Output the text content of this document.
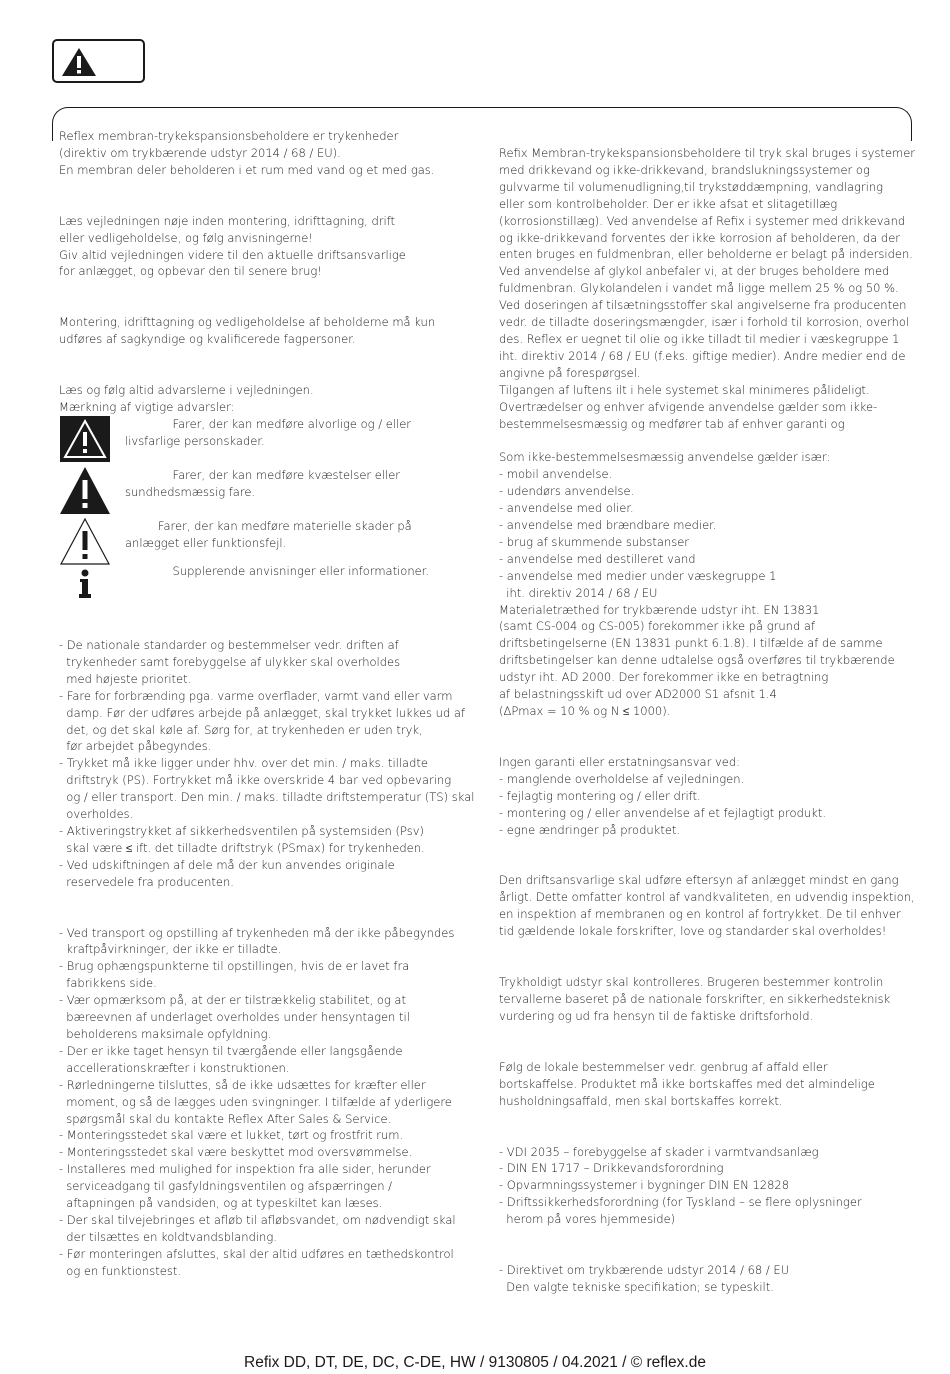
Reflex membran-trykekspansionsbeholdere er trykenheder

(direktiv om trykbærende udstyr 2014 / 68 / EU).

En membran deler beholderen i et rum med vand og et med gas.

Læs vejledningen nøje inden montering, idrifttagning, drift

eller vedligeholdelse, og følg anvisningerne!

Giv altid vejledningen videre til den aktuelle driftsansvarlige

for anlægget, og opbevar den til senere brug!

Montering, idrifttagning og vedligeholdelse af beholderne må kun

udføres af sagkyndige og kvalificerede fagpersoner.

Læs og følg altid advarslerne i vejledningen.

Mærkning af vigtige advarsler:

Farer, der kan medføre alvorlige og / eller

livsfarlige personskader.

Farer, der kan medføre kvæstelser eller

sundhedsmæssig fare.

Farer, der kan medføre materielle skader på

anlægget eller funktionsfejl.

Supplerende anvisninger eller informationer.

- De nationale standarder og bestemmelser vedr. driften af

trykenheder samt forebyggelse af ulykker skal overholdes

med højeste prioritet.

- Fare for forbrænding pga. varme overflader, varmt vand eller varm

damp. Før der udføres arbejde på anlægget, skal trykket lukkes ud af

det, og det skal køle af. Sørg for, at trykenheden er uden tryk,

før arbejdet påbegyndes.

- Trykket må ikke ligger under hhv. over det min. / maks. tilladte

driftstryk (PS). Fortrykket må ikke overskride 4 bar ved opbevaring

og / eller transport. Den min. / maks. tilladte driftstemperatur (TS) skal

overholdes.

- Aktiveringstrykket af sikkerhedsventilen på systemsiden (Psv)

skal være ≤ ift. det tilladte driftstryk (PSmax) for trykenheden.

- Ved udskiftningen af dele må der kun anvendes originale

reservedele fra producenten.

- Ved transport og opstilling af trykenheden må der ikke påbegyndes

kraftpåvirkninger, der ikke er tilladte.

- Brug ophængspunkterne til opstillingen, hvis de er lavet fra

fabrikkens side.

- Vær opmærksom på, at der er tilstrækkelig stabilitet, og at

bæreevnen af underlaget overholdes under hensyntagen til

beholderens maksimale opfyldning.

- Der er ikke taget hensyn til tværgående eller langsgående

accellerationskræfter i konstruktionen.

- Rørledningerne tilsluttes, så de ikke udsættes for kræfter eller

moment, og så de lægges uden svingninger. I tilfælde af yderligere

spørgsmål skal du kontakte Reflex After Sales & Service.

- Monteringsstedet skal være et lukket, tørt og frostfrit rum.

- Monteringsstedet skal være beskyttet mod oversvømmelse.

- Installeres med mulighed for inspektion fra alle sider, herunder

serviceadgang til gasfyldningsventilen og afspærringen /

aftapningen på vandsiden, og at typeskiltet kan læses.

- Der skal tilvejebringes et afløb til afløbsvandet, om nødvendigt skal

der tilsættes en koldtvandsblanding.

- Før monteringen afsluttes, skal der altid udføres en tæthedskontrol

og en funktionstest.

Refix Membran-trykekspansionsbeholdere til tryk skal bruges i systemer

med drikkevand og ikke-drikkevand, brandslukningssystemer og

gulvvarme til volumenudligning,til trykstøddæmpning, vandlagring

eller som kontrolbeholder. Der er ikke afsat et slitagetillæg

(korrosionstillæg). Ved anvendelse af Refix i systemer med drikkevand

og ikke-drikkevand forventes der ikke korrosion af beholderen, da der

enten bruges en fuldmenbran, eller beholderne er belagt på indersiden.

Ved anvendelse af glykol anbefaler vi, at der bruges beholdere med

fuldmenbran. Glykolandelen i vandet må ligge mellem 25 % og 50 %.

Ved doseringen af tilsætningsstoffer skal angivelserne fra producenten

vedr. de tilladte doseringsmængder, især i forhold til korrosion, overhol

des. Reflex er uegnet til olie og ikke tilladt til medier i væskegruppe 1

iht. direktiv 2014 / 68 / EU (f.eks. giftige medier). Andre medier end de

angivne på forespørgsel.

Tilgangen af luftens ilt i hele systemet skal minimeres pålideligt.

Overtrædelser og enhver afvigende anvendelse gælder som ikke-

bestemmelsesmæssig og medfører tab af enhver garanti og

Som ikke-bestemmelsesmæssig anvendelse gælder især:

- mobil anvendelse.

- udendørs anvendelse.

- anvendelse med olier.

- anvendelse med brændbare medier.

- brug af skummende substanser

- anvendelse med destilleret vand

- anvendelse med medier under væskegruppe 1

iht. direktiv 2014 / 68 / EU

Materialetræthed for trykbærende udstyr iht. EN 13831

(samt CS-004 og CS-005) forekommer ikke på grund af

driftsbetingelserne (EN 13831 punkt 6.1.8). I tilfælde af de samme

driftsbetingelser kan denne udtalelse også overføres til trykbærende

udstyr iht. AD 2000. Der forekommer ikke en betragtning

af belastningsskift ud over AD2000 S1 afsnit 1.4

(ΔPmax = 10 % og N ≤ 1000).

Ingen garanti eller erstatningsansvar ved:

- manglende overholdelse af vejledningen.

- fejlagtig montering og / eller drift.

- montering og / eller anvendelse af et fejlagtigt produkt.

- egne ændringer på produktet.

Den driftsansvarlige skal udføre eftersyn af anlægget mindst en gang

årligt. Dette omfatter kontrol af vandkvaliteten, en udvendig inspektion,

en inspektion af membranen og en kontrol af fortrykket. De til enhver

tid gældende lokale forskrifter, love og standarder skal overholdes!

Trykholdigt udstyr skal kontrolleres. Brugeren bestemmer kontrolin

tervallerne baseret på de nationale forskrifter, en sikkerhedsteknisk

vurdering og ud fra hensyn til de faktiske driftsforhold.

Følg de lokale bestemmelser vedr. genbrug af affald eller

bortskaffelse. Produktet må ikke bortskaffes med det almindelige

husholdningsaffald, men skal bortskaffes korrekt.

- VDI 2035 – forebyggelse af skader i varmtvandsanlæg

- DIN EN 1717 – Drikkevandsforordning

- Opvarmningssystemer i bygninger DIN EN 12828

- Driftssikkerhedsforordning (for Tyskland – se flere oplysninger

herom på vores hjemmeside)

- Direktivet om trykbærende udstyr 2014 / 68 / EU

Den valgte tekniske specifikation; se typeskilt.

Refix DD, DT, DE, DC, C-DE, HW / 9130805 / 04.2021 / © reflex.de
